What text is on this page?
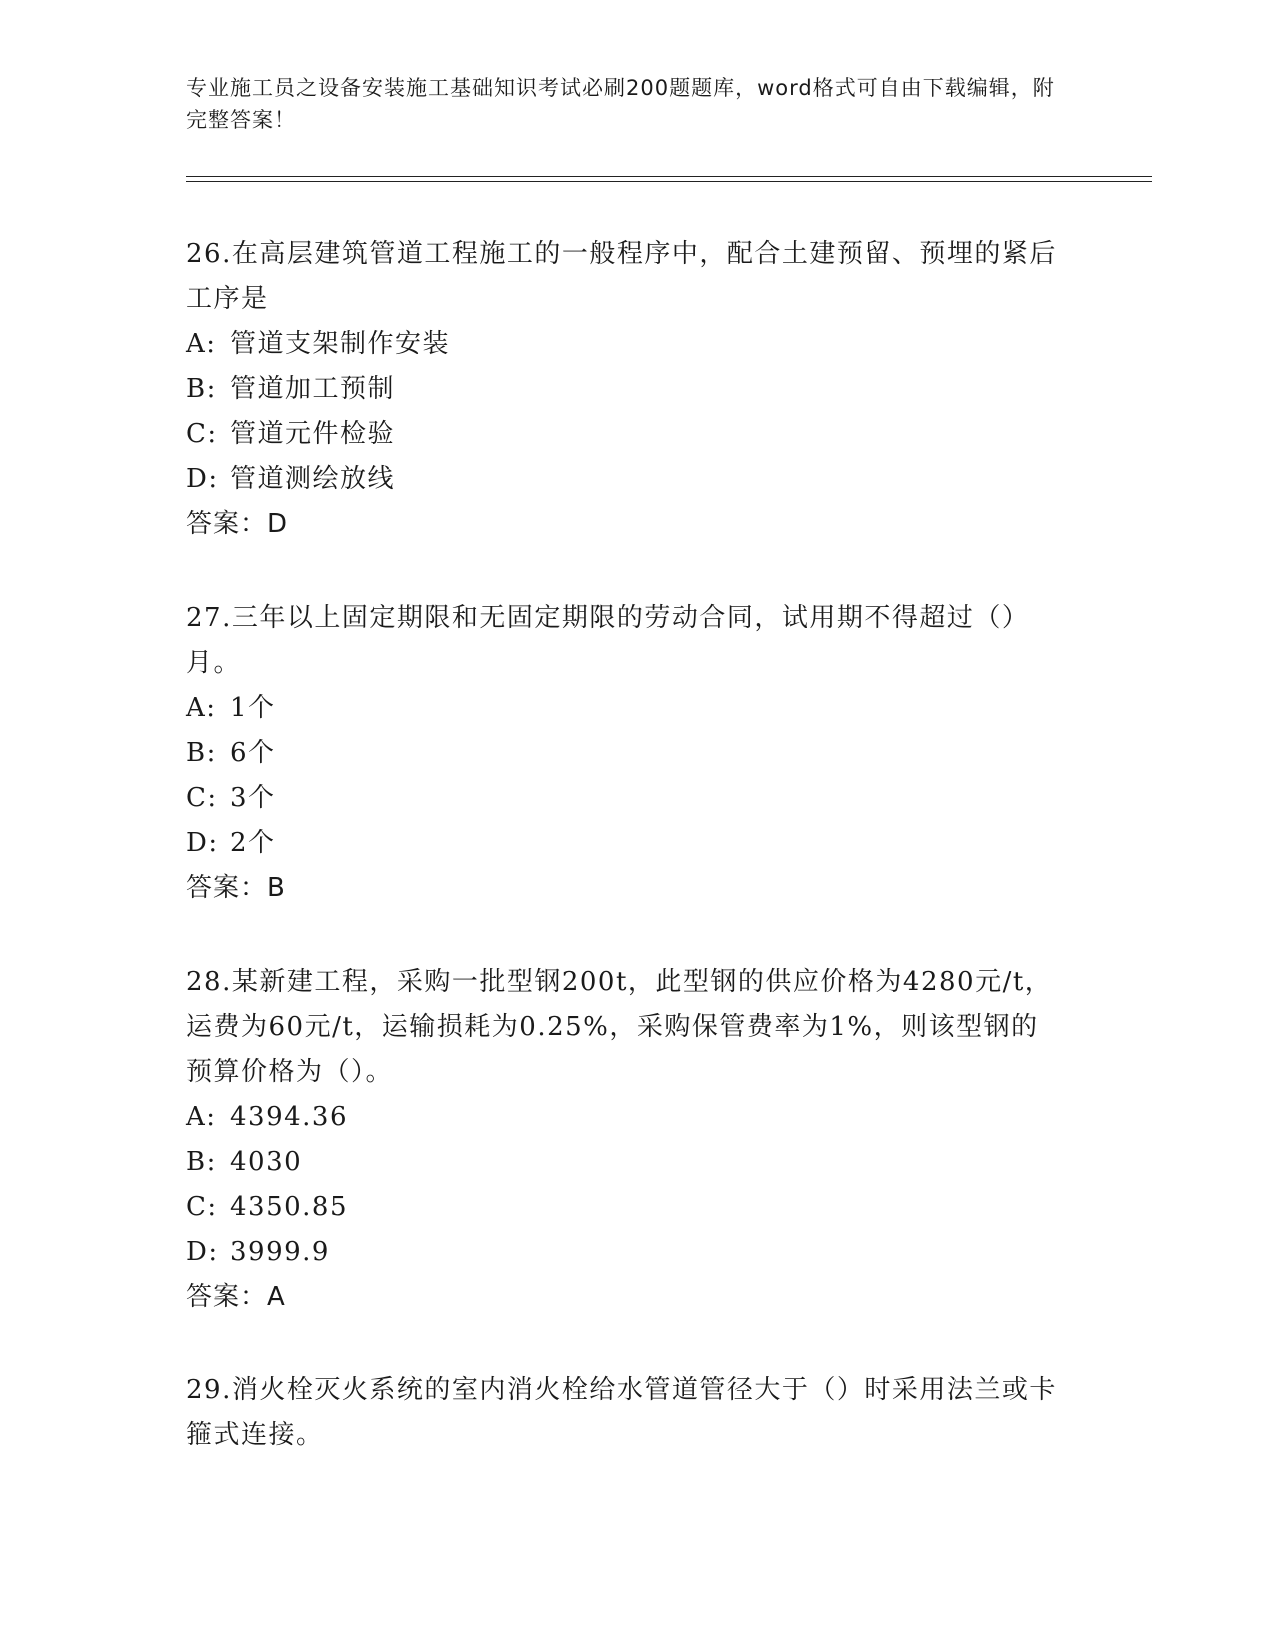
专业施工员之设备安装施工基础知识考试必刷200题题库，word格式可自由下载编辑，附完整答案！

26.在高层建筑管道工程施工的一般程序中，配合土建预留、预埋的紧后工序是

A: 管道支架制作安装

B: 管道加工预制

C: 管道元件检验

D: 管道测绘放线

答案：D

27.三年以上固定期限和无固定期限的劳动合同，试用期不得超过（）月。

A: 1个

B: 6个

C: 3个

D: 2个

答案：B

28.某新建工程，采购一批型钢200t，此型钢的供应价格为4280元/t，运费为60元/t，运输损耗为0.25%，采购保管费率为1%，则该型钢的预算价格为（）。

A: 4394.36

B: 4030

C: 4350.85

D: 3999.9

答案：A

29.消火栓灭火系统的室内消火栓给水管道管径大于（）时采用法兰或卡箍式连接。
